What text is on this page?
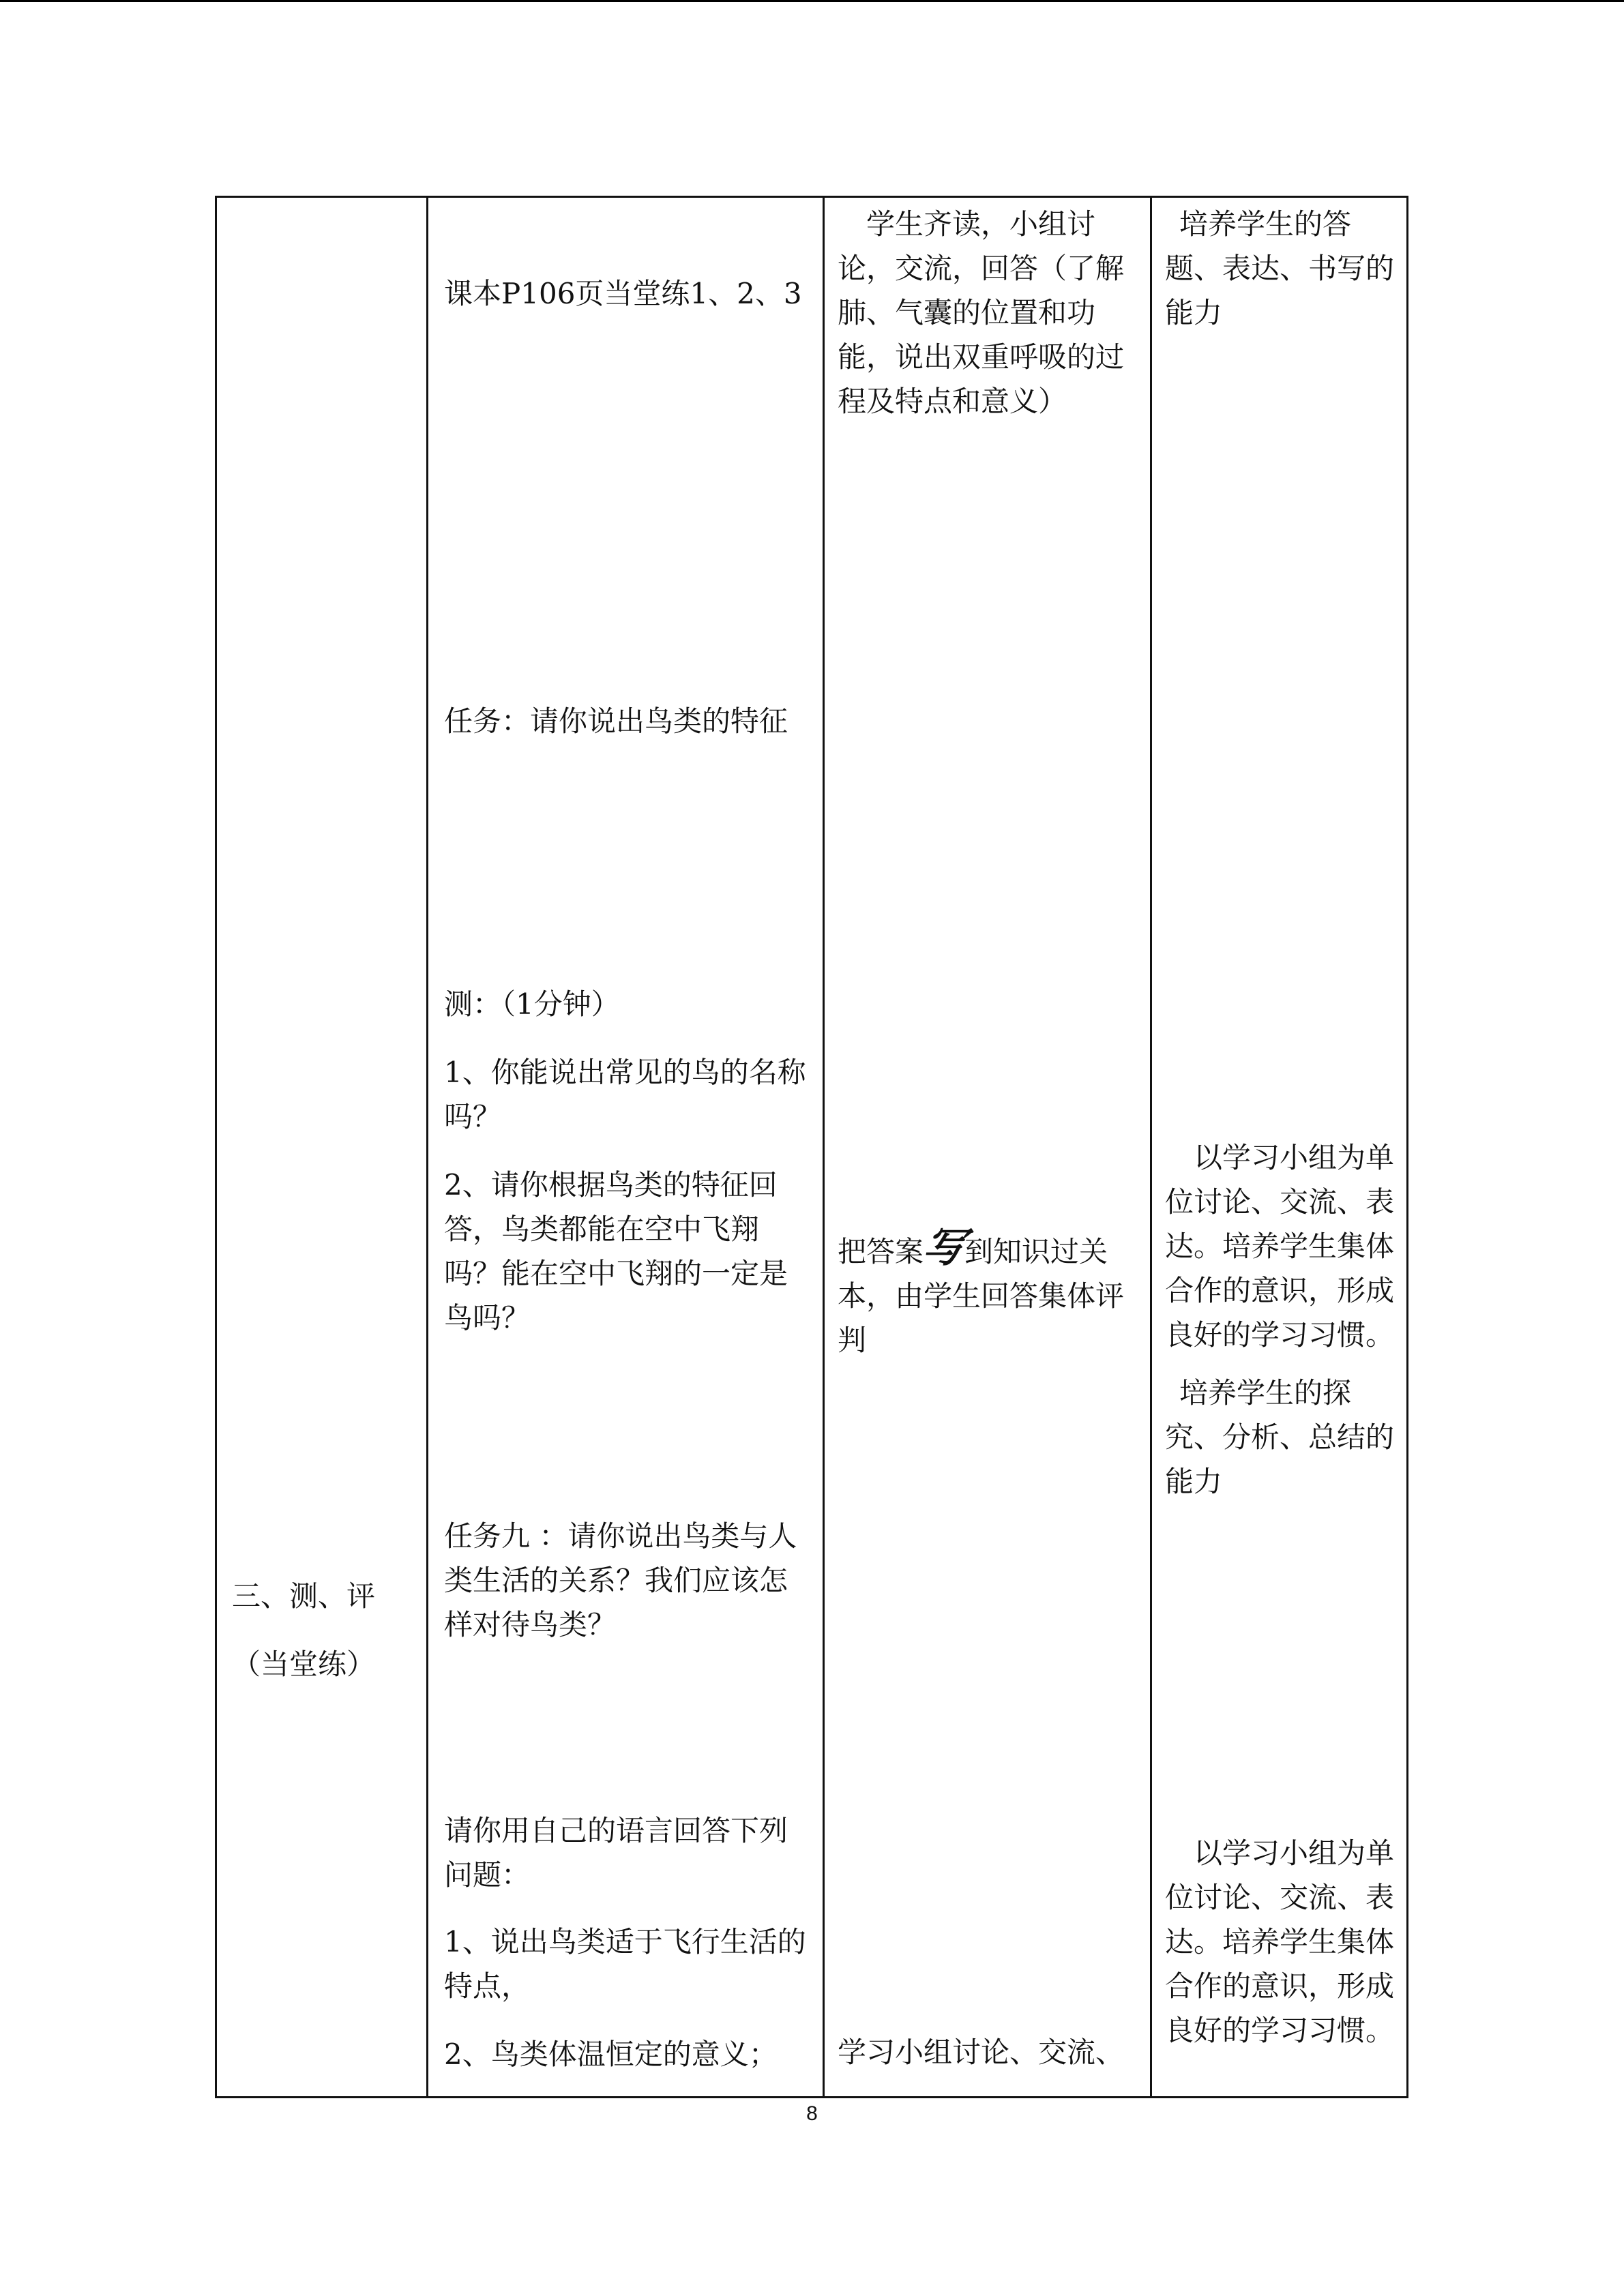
三、测、评

（当堂练）

课本P106页当堂练1、2、3

任务：请你说出鸟类的特征

测：（1分钟）

1、你能说出常见的鸟的名称吗？

2、请你根据鸟类的特征回答，鸟类都能在空中飞翔吗？能在空中飞翔的一定是鸟吗？

任务九 ：请你说出鸟类与人类生活的关系？我们应该怎样对待鸟类？

请你用自己的语言回答下列问题：

1、说出鸟类适于飞行生活的特点，

2、鸟类体温恒定的意义；

学生齐读，小组讨论，交流，回答（了解肺、气囊的位置和功能，说出双重呼吸的过程及特点和意义）

把答案写到知识过关本，由学生回答集体评判

学习小组讨论、交流、

培养学生的答题、表达、书写的能力

以学习小组为单位讨论、交流、表达。培养学生集体合作的意识，形成良好的学习习惯。

培养学生的探究、分析、总结的能力

以学习小组为单位讨论、交流、表达。培养学生集体合作的意识，形成良好的学习习惯。

8
